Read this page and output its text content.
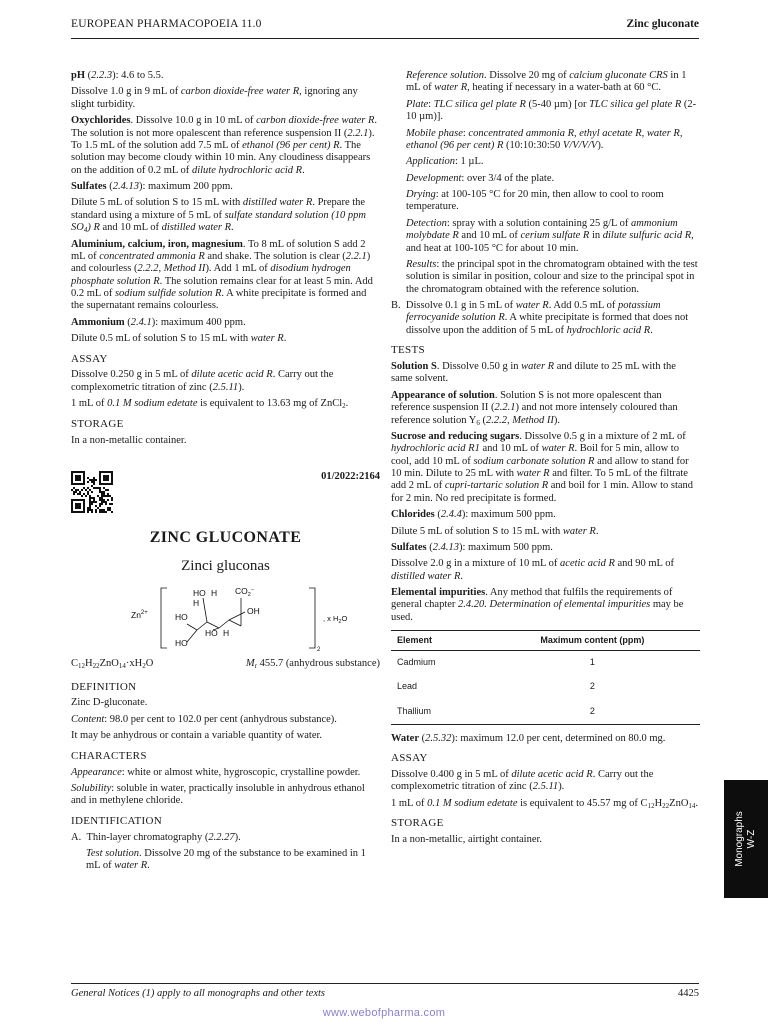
EUROPEAN PHARMACOPOEIA 11.0	Zinc gluconate
pH (2.2.3): 4.6 to 5.5.
Dissolve 1.0 g in 9 mL of carbon dioxide-free water R, ignoring any slight turbidity.
Oxychlorides. Dissolve 10.0 g in 10 mL of carbon dioxide-free water R. The solution is not more opalescent than reference suspension II (2.2.1). To 1.5 mL of the solution add 7.5 mL of ethanol (96 per cent) R. The solution may become cloudy within 10 min. Any cloudiness disappears on the addition of 0.2 mL of dilute hydrochloric acid R.
Sulfates (2.4.13): maximum 200 ppm.
Dilute 5 mL of solution S to 15 mL with distilled water R. Prepare the standard using a mixture of 5 mL of sulfate standard solution (10 ppm $SO_4$) R and 10 mL of distilled water R.
Aluminium, calcium, iron, magnesium. To 8 mL of solution S add 2 mL of concentrated ammonia R and shake. The solution is clear (2.2.1) and colourless (2.2.2, Method II). Add 1 mL of disodium hydrogen phosphate solution R. The solution remains clear for at least 5 min. Add 0.2 mL of sodium sulfide solution R. A white precipitate is formed and the supernatant remains colourless.
Ammonium (2.4.1): maximum 400 ppm.
Dilute 0.5 mL of solution S to 15 mL with water R.
ASSAY
Dissolve 0.250 g in 5 mL of dilute acetic acid R. Carry out the complexometric titration of zinc (2.5.11).
1 mL of 0.1 M sodium edetate is equivalent to 13.63 mg of ZnCl$_2$.
STORAGE
In a non-metallic container.
01/2022:2164
ZINC GLUCONATE
Zinci gluconas
$Zn^{2+}$
2
HO H $CO_2^-$
H
OH
HO
HO H
HO
, x $H_2O$
$C_{12}H_{22}ZnO_{14}\cdot xH_2O$	$M_r$ 455.7 (anhydrous substance)
DEFINITION
Zinc D-gluconate.
Content: 98.0 per cent to 102.0 per cent (anhydrous substance).
It may be anhydrous or contain a variable quantity of water.
CHARACTERS
Appearance: white or almost white, hygroscopic, crystalline powder.
Solubility: soluble in water, practically insoluble in anhydrous ethanol and in methylene chloride.
IDENTIFICATION
A. Thin-layer chromatography (2.2.27).
Test solution. Dissolve 20 mg of the substance to be examined in 1 mL of water R.
Reference solution. Dissolve 20 mg of calcium gluconate CRS in 1 mL of water R, heating if necessary in a water-bath at 60 °C.
Plate: TLC silica gel plate R (5-40 µm) [or TLC silica gel plate R (2-10 µm)].
Mobile phase: concentrated ammonia R, ethyl acetate R, water R, ethanol (96 per cent) R (10:10:30:50 V/V/V/V).
Application: 1 µL.
Development: over 3/4 of the plate.
Drying: at 100-105 °C for 20 min, then allow to cool to room temperature.
Detection: spray with a solution containing 25 g/L of ammonium molybdate R and 10 mL of cerium sulfate R in dilute sulfuric acid R, and heat at 100-105 °C for about 10 min.
Results: the principal spot in the chromatogram obtained with the test solution is similar in position, colour and size to the principal spot in the chromatogram obtained with the reference solution.
B. Dissolve 0.1 g in 5 mL of water R. Add 0.5 mL of potassium ferrocyanide solution R. A white precipitate is formed that does not dissolve upon the addition of 5 mL of hydrochloric acid R.
TESTS
Solution S. Dissolve 0.50 g in water R and dilute to 25 mL with the same solvent.
Appearance of solution. Solution S is not more opalescent than reference suspension II (2.2.1) and not more intensely coloured than reference solution $Y_6$ (2.2.2, Method II).
Sucrose and reducing sugars. Dissolve 0.5 g in a mixture of 2 mL of hydrochloric acid R1 and 10 mL of water R. Boil for 5 min, allow to cool, add 10 mL of sodium carbonate solution R and allow to stand for 10 min. Dilute to 25 mL with water R and filter. To 5 mL of the filtrate add 2 mL of cupri-tartaric solution R and boil for 1 min. Allow to stand for 2 min. No red precipitate is formed.
Chlorides (2.4.4): maximum 500 ppm.
Dilute 5 mL of solution S to 15 mL with water R.
Sulfates (2.4.13): maximum 500 ppm.
Dissolve 2.0 g in a mixture of 10 mL of acetic acid R and 90 mL of distilled water R.
Elemental impurities. Any method that fulfils the requirements of general chapter 2.4.20. Determination of elemental impurities may be used.
Element	Maximum content (ppm)
Cadmium	1
Lead	2
Thallium	2
Water (2.5.32): maximum 12.0 per cent, determined on 80.0 mg.
ASSAY
Dissolve 0.400 g in 5 mL of dilute acetic acid R. Carry out the complexometric titration of zinc (2.5.11).
1 mL of 0.1 M sodium edetate is equivalent to 45.57 mg of $C_{12}H_{22}ZnO_{14}$.
STORAGE
In a non-metallic, airtight container.	Monographs
W-Z
General Notices (1) apply to all monographs and other texts	4425
www.webofpharma.com
